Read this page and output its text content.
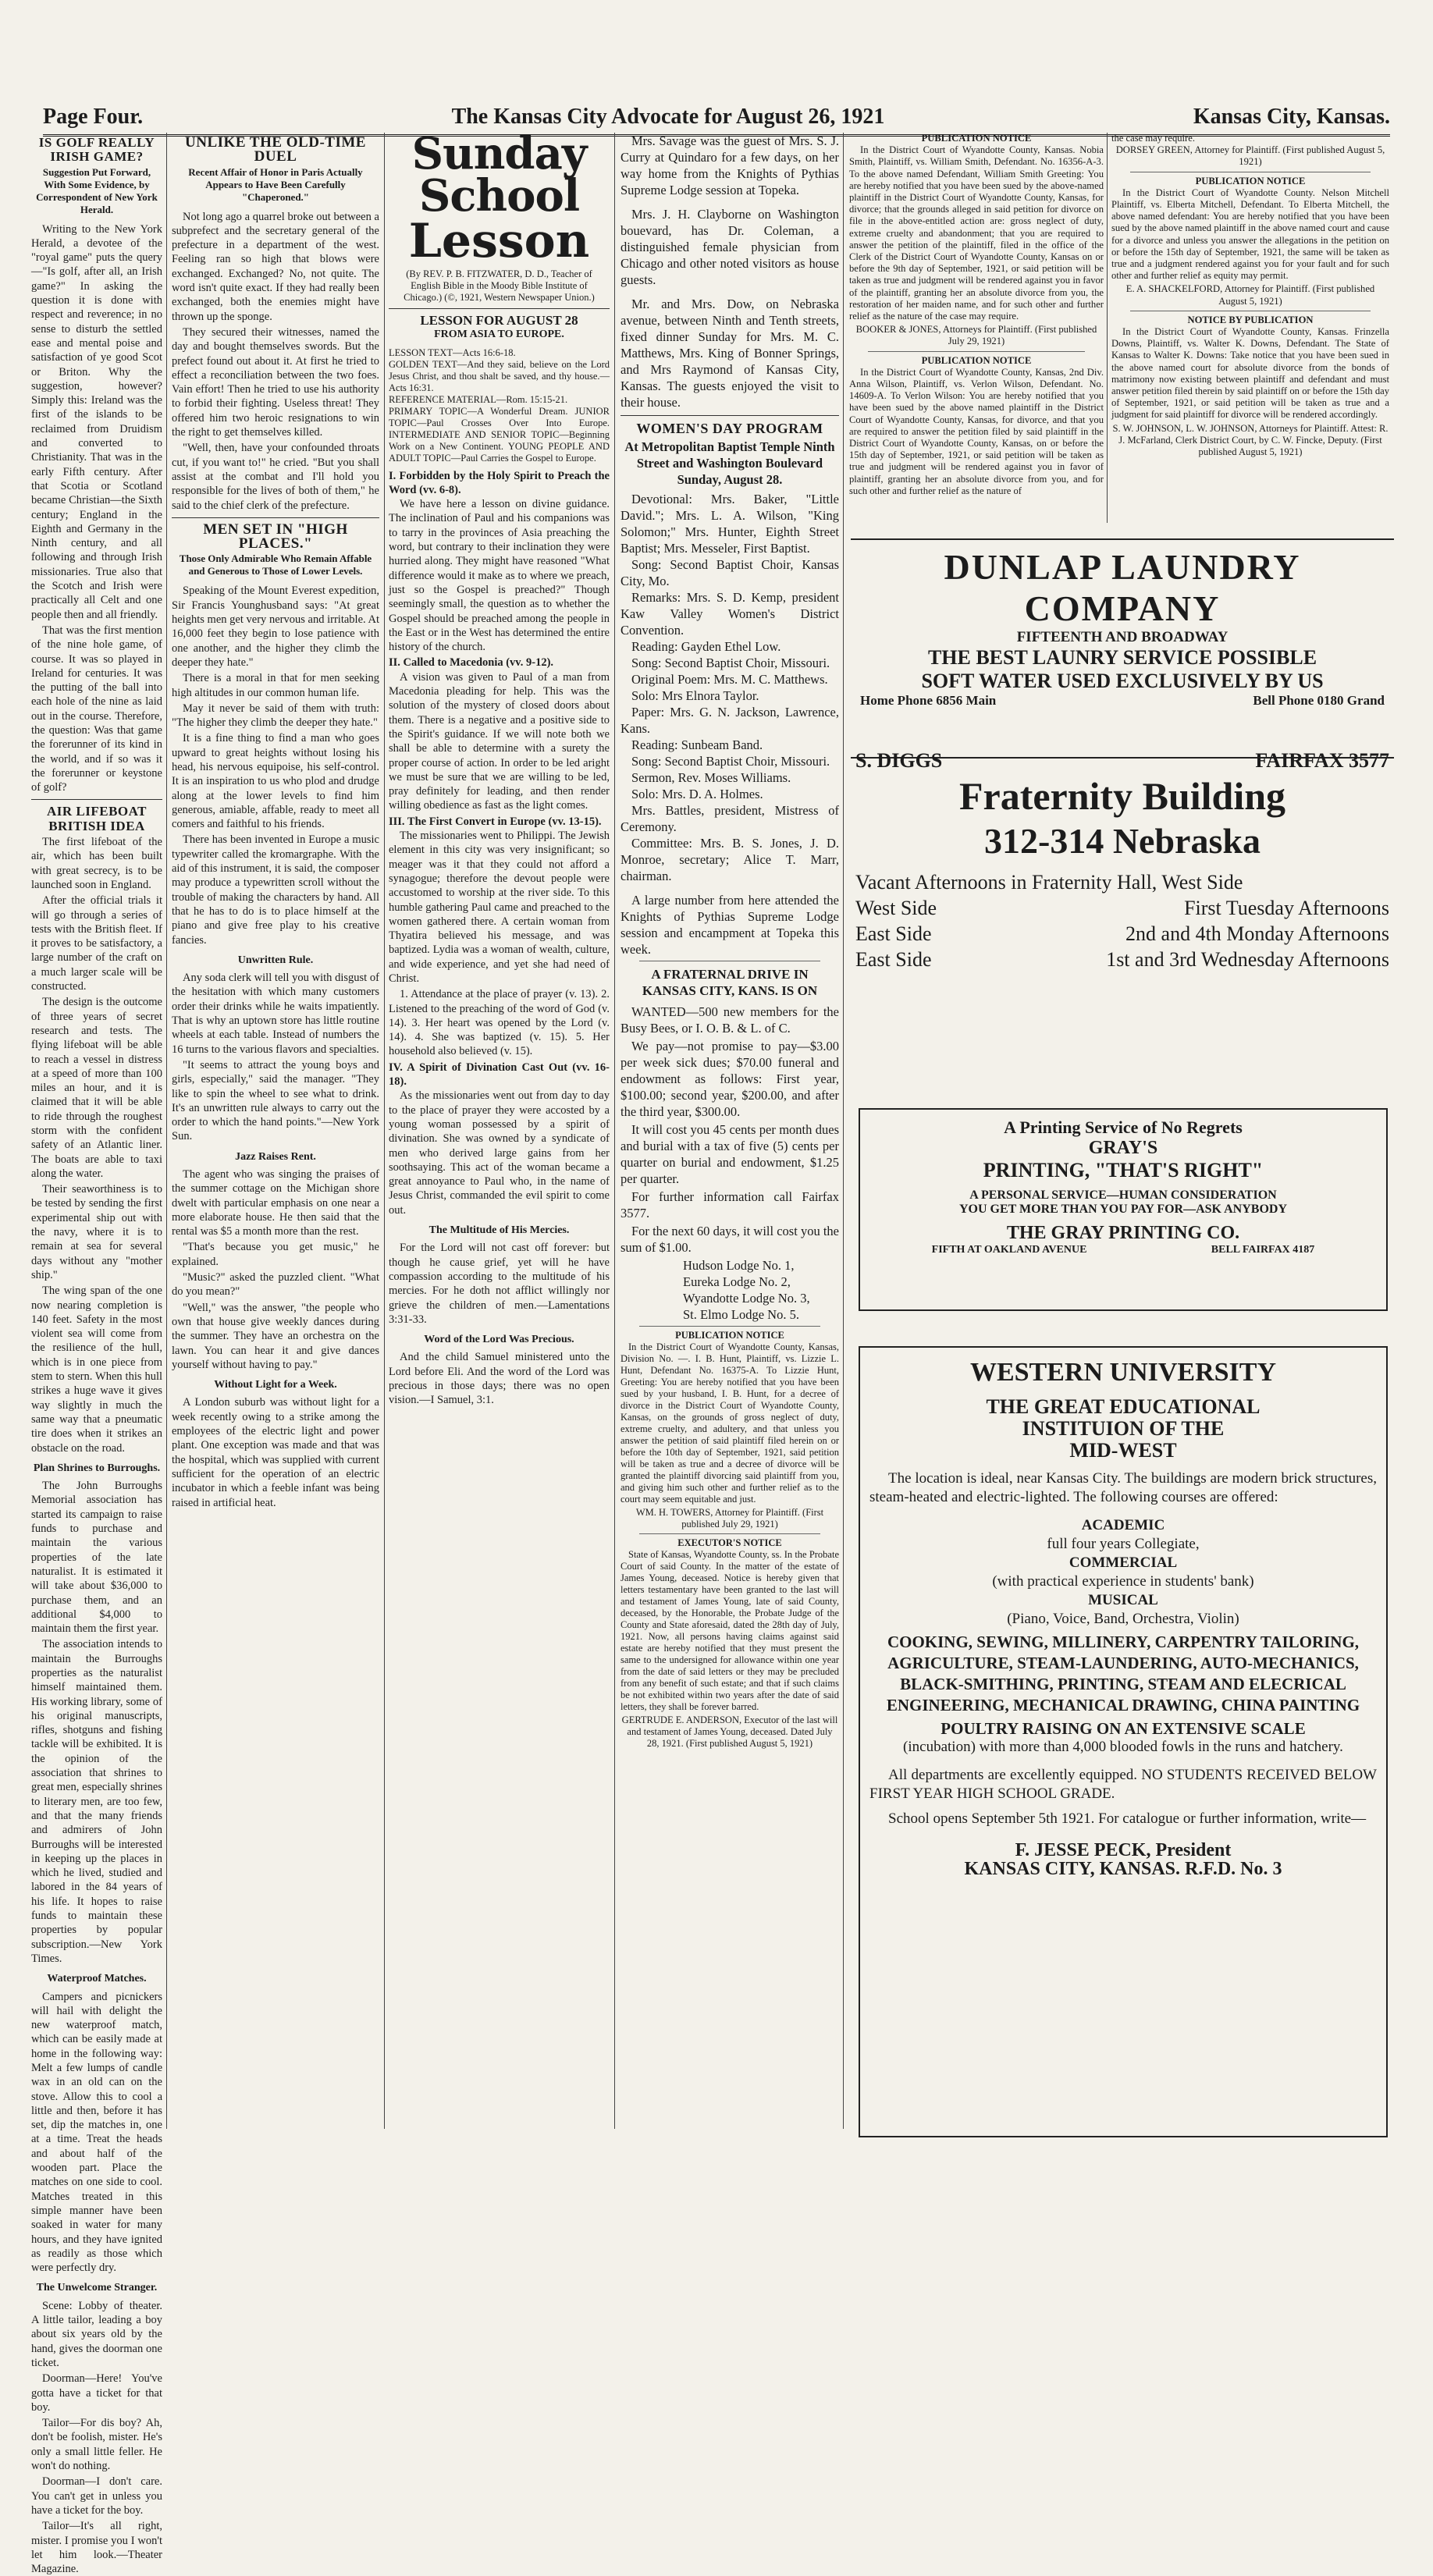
Page Four.	The Kansas City Advocate for August 26, 1921	Kansas City, Kansas.
IS GOLF REALLY IRISH GAME?
Suggestion Put Forward, With Some Evidence, by Correspondent of New York Herald.

Writing to the New York Herald, a devotee of the "royal game" puts the query—"Is golf, after all, an Irish game?" In asking the question it is done with respect and reverence; in no sense to disturb the settled ease and mental poise and satisfaction of ye good Scot or Briton. Why the suggestion, however? Simply this: Ireland was the first of the islands to be reclaimed from Druidism and converted to Christianity. That was in the early Fifth century. After that Scotia or Scotland became Christian—the Sixth century; England in the Eighth and Germany in the Ninth century, and all following and through Irish missionaries. True also that the Scotch and Irish were practically all Celt and one people then and all friendly.

That was the first mention of the nine hole game, of course. It was so played in Ireland for centuries. It was the putting of the ball into each hole of the nine as laid out in the course. Therefore, the question: Was that game the forerunner of its kind in the world, and if so was it the forerunner or keystone of golf?

AIR LIFEBOAT BRITISH IDEA

The first lifeboat of the air, which has been built with great secrecy, is to be launched soon in England.

After the official trials it will go through a series of tests with the British fleet. If it proves to be satisfactory, a large number of the craft on a much larger scale will be constructed.

The design is the outcome of three years of secret research and tests. The flying lifeboat will be able to reach a vessel in distress at a speed of more than 100 miles an hour, and it is claimed that it will be able to ride through the roughest storm with the confident safety of an Atlantic liner. The boats are able to taxi along the water.

Their seaworthiness is to be tested by sending the first experimental ship out with the navy, where it is to remain at sea for several days without any "mother ship."

The wing span of the one now nearing completion is 140 feet. Safety in the most violent sea will come from the resilience of the hull, which is in one piece from stem to stern. When this hull strikes a huge wave it gives way slightly in much the same way that a pneumatic tire does when it strikes an obstacle on the road.

Plan Shrines to Burroughs.

The John Burroughs Memorial association has started its campaign to raise funds to purchase and maintain the various properties of the late naturalist. It is estimated it will take about $36,000 to purchase them, and an additional $4,000 to maintain them the first year.

The association intends to maintain the Burroughs properties as the naturalist himself maintained them. His working library, some of his original manuscripts, rifles, shotguns and fishing tackle will be exhibited. It is the opinion of the association that shrines to great men, especially shrines to literary men, are too few, and that the many friends and admirers of John Burroughs will be interested in keeping up the places in which he lived, studied and labored in the 84 years of his life. It hopes to raise funds to maintain these properties by popular subscription.—New York Times.

Waterproof Matches.

Campers and picnickers will hail with delight the new waterproof match, which can be easily made at home in the following way: Melt a few lumps of candle wax in an old can on the stove. Allow this to cool a little and then, before it has set, dip the matches in, one at a time. Treat the heads and about half of the wooden part. Place the matches on one side to cool. Matches treated in this simple manner have been soaked in water for many hours, and they have ignited as readily as those which were perfectly dry.

The Unwelcome Stranger.

Scene: Lobby of theater. A little tailor, leading a boy about six years old by the hand, gives the doorman one ticket.

Doorman—Here! You've gotta have a ticket for that boy.

Tailor—For dis boy? Ah, don't be foolish, mister. He's only a small little feller. He won't do nothing.

Doorman—I don't care. You can't get in unless you have a ticket for the boy.

Tailor—It's all right, mister. I promise you I won't let him look.—Theater Magazine.

UNLIKE THE OLD-TIME DUEL
Recent Affair of Honor in Paris Actually Appears to Have Been Carefully "Chaperoned."

Not long ago a quarrel broke out between a subprefect and the secretary general of the prefecture in a department of the west. Feeling ran so high that blows were exchanged. Exchanged? No, not quite. The word isn't quite exact. If they had really been exchanged, both the enemies might have thrown up the sponge.

They secured their witnesses, named the day and bought themselves swords. But the prefect found out about it. At first he tried to effect a reconciliation between the two foes. Vain effort! Then he tried to use his authority to forbid their fighting. Useless threat! They offered him two heroic resignations to win the right to get themselves killed.

"Well, then, have your confounded throats cut, if you want to!" he cried. "But you shall assist at the combat and I'll hold you responsible for the lives of both of them," he said to the chief clerk of the prefecture.

MEN SET IN "HIGH PLACES."
Those Only Admirable Who Remain Affable and Generous to Those of Lower Levels.

Speaking of the Mount Everest expedition, Sir Francis Younghusband says: "At great heights men get very nervous and irritable. At 16,000 feet they begin to lose patience with one another, and the higher they climb the deeper they hate."

There is a moral in that for men seeking high altitudes in our common human life.

May it never be said of them with truth: "The higher they climb the deeper they hate."

It is a fine thing to find a man who goes upward to great heights without losing his head, his nervous equipoise, his self-control. It is an inspiration to us who plod and drudge along at the lower levels to find him generous, amiable, affable, ready to meet all comers and faithful to his friends.

There has been invented in Europe a music typewriter called the kromargraphe. With the aid of this instrument, it is said, the composer may produce a typewritten scroll without the trouble of making the characters by hand. All that he has to do is to place himself at the piano and give free play to his creative fancies.

Unwritten Rule.

Any soda clerk will tell you with disgust of the hesitation with which many customers order their drinks while he waits impatiently. That is why an uptown store has little routine wheels at each table. Instead of numbers the 16 turns to the various flavors and specialties.

"It seems to attract the young boys and girls, especially," said the manager. "They like to spin the wheel to see what to drink. It's an unwritten rule always to carry out the order to which the hand points."—New York Sun.

Jazz Raises Rent.

The agent who was singing the praises of the summer cottage on the Michigan shore dwelt with particular emphasis on one near a more elaborate house. He then said that the rental was $5 a month more than the rest.

"That's because you get music," he explained.

"Music?" asked the puzzled client. "What do you mean?"

"Well," was the answer, "the people who own that house give weekly dances during the summer. They have an orchestra on the lawn. You can hear it and give dances yourself without having to pay."

Without Light for a Week.

A London suburb was without light for a week recently owing to a strike among the employees of the electric light and power plant. One exception was made and that was the hospital, which was supplied with current sufficient for the operation of an electric incubator in which a feeble infant was being raised in artificial heat.

Sunday School
Lesson
(By REV. P. B. FITZWATER, D. D., Teacher of English Bible in the Moody Bible Institute of Chicago.) (©, 1921, Western Newspaper Union.)
LESSON FOR AUGUST 28
FROM ASIA TO EUROPE.
LESSON TEXT—Acts 16:6-18.
GOLDEN TEXT—And they said, believe on the Lord Jesus Christ, and thou shalt be saved, and thy house.—Acts 16:31.
REFERENCE MATERIAL—Rom. 15:15-21.
PRIMARY TOPIC—A Wonderful Dream. JUNIOR TOPIC—Paul Crosses Over Into Europe. INTERMEDIATE AND SENIOR TOPIC—Beginning Work on a New Continent. YOUNG PEOPLE AND ADULT TOPIC—Paul Carries the Gospel to Europe.
I. Forbidden by the Holy Spirit to Preach the Word (vv. 6-8).

We have here a lesson on divine guidance. The inclination of Paul and his companions was to tarry in the provinces of Asia preaching the word, but contrary to their inclination they were hurried along. They might have reasoned "What difference would it make as to where we preach, just so the Gospel is preached?" Though seemingly small, the question as to whether the Gospel should be preached among the people in the East or in the West has determined the entire history of the church.

II. Called to Macedonia (vv. 9-12).

A vision was given to Paul of a man from Macedonia pleading for help. This was the solution of the mystery of closed doors about them. There is a negative and a positive side to the Spirit's guidance. If we will note both we shall be able to determine with a surety the proper course of action. In order to be led aright we must be sure that we are willing to be led, pray definitely for leading, and then render willing obedience as fast as the light comes.

III. The First Convert in Europe (vv. 13-15).

The missionaries went to Philippi. The Jewish element in this city was very insignificant; so meager was it that they could not afford a synagogue; therefore the devout people were accustomed to worship at the river side. To this humble gathering Paul came and preached to the women gathered there. A certain woman from Thyatira believed his message, and was baptized. Lydia was a woman of wealth, culture, and wide experience, and yet she had need of Christ.

1. Attendance at the place of prayer (v. 13). 2. Listened to the preaching of the word of God (v. 14). 3. Her heart was opened by the Lord (v. 14). 4. She was baptized (v. 15). 5. Her household also believed (v. 15).

IV. A Spirit of Divination Cast Out (vv. 16-18).

As the missionaries went out from day to day to the place of prayer they were accosted by a young woman possessed by a spirit of divination. She was owned by a syndicate of men who derived large gains from her soothsaying. This act of the woman became a great annoyance to Paul who, in the name of Jesus Christ, commanded the evil spirit to come out.

The Multitude of His Mercies.

For the Lord will not cast off forever: but though he cause grief, yet will he have compassion according to the multitude of his mercies. For he doth not afflict willingly nor grieve the children of men.—Lamentations 3:31-33.

Word of the Lord Was Precious.

And the child Samuel ministered unto the Lord before Eli. And the word of the Lord was precious in those days; there was no open vision.—I Samuel, 3:1.

Mrs. Savage was the guest of Mrs. S. J. Curry at Quindaro for a few days, on her way home from the Knights of Pythias Supreme Lodge session at Topeka.

Mrs. J. H. Clayborne on Washington bouevard, has Dr. Coleman, a distinguished female physician from Chicago and other noted visitors as house guests.

Mr. and Mrs. Dow, on Nebraska avenue, between Ninth and Tenth streets, fixed dinner Sunday for Mrs. M. C. Matthews, Mrs. King of Bonner Springs, and Mrs Raymond of Kansas City, Kansas. The guests enjoyed the visit to their house.

WOMEN'S DAY PROGRAM
At Metropolitan Baptist Temple Ninth Street and Washington Boulevard Sunday, August 28.
Devotional: Mrs. Baker, "Little David."; Mrs. L. A. Wilson, "King Solomon;" Mrs. Hunter, Eighth Street Baptist; Mrs. Messeler, First Baptist.
Song: Second Baptist Choir, Kansas City, Mo.
Remarks: Mrs. S. D. Kemp, president Kaw Valley Women's District Convention.
Reading: Gayden Ethel Low.
Song: Second Baptist Choir, Missouri.
Original Poem: Mrs. M. C. Matthews.
Solo: Mrs Elnora Taylor.
Paper: Mrs. G. N. Jackson, Lawrence, Kans.
Reading: Sunbeam Band.
Song: Second Baptist Choir, Missouri.
Sermon, Rev. Moses Williams.
Solo: Mrs. D. A. Holmes.
Mrs. Battles, president, Mistress of Ceremony.
Committee: Mrs. B. S. Jones, J. D. Monroe, secretary; Alice T. Marr, chairman.

A large number from here attended the Knights of Pythias Supreme Lodge session and encampment at Topeka this week.

A FRATERNAL DRIVE IN KANSAS CITY, KANS. IS ON

WANTED—500 new members for the Busy Bees, or I. O. B. & L. of C.

We pay—not promise to pay—$3.00 per week sick dues; $70.00 funeral and endowment as follows: First year, $100.00; second year, $200.00, and after the third year, $300.00.

It will cost you 45 cents per month dues and burial with a tax of five (5) cents per quarter on burial and endowment, $1.25 per quarter.

For further information call Fairfax 3577.

For the next 60 days, it will cost you the sum of $1.00.

Hudson Lodge No. 1,
Eureka Lodge No. 2,
Wyandotte Lodge No. 3,
St. Elmo Lodge No. 5.
PUBLICATION NOTICE

In the District Court of Wyandotte County, Kansas, Division No. —. I. B. Hunt, Plaintiff, vs. Lizzie L. Hunt, Defendant No. 16375-A. To Lizzie Hunt, Greeting: You are hereby notified that you have been sued by your husband, I. B. Hunt, for a decree of divorce in the District Court of Wyandotte County, Kansas, on the grounds of gross neglect of duty, extreme cruelty, and adultery, and that unless you answer the petition of said plaintiff filed herein on or before the 10th day of September, 1921, said petition will be taken as true and a decree of divorce will be granted the plaintiff divorcing said plaintiff from you, and giving him such other and further relief as to the court may seem equitable and just.

WM. H. TOWERS, Attorney for Plaintiff. (First published July 29, 1921)
EXECUTOR'S NOTICE

State of Kansas, Wyandotte County, ss. In the Probate Court of said County. In the matter of the estate of James Young, deceased. Notice is hereby given that letters testamentary have been granted to the last will and testament of James Young, late of said County, deceased, by the Honorable, the Probate Judge of the County and State aforesaid, dated the 28th day of July, 1921. Now, all persons having claims against said estate are hereby notified that they must present the same to the undersigned for allowance within one year from the date of said letters or they may be precluded from any benefit of such estate; and that if such claims be not exhibited within two years after the date of said letters, they shall be forever barred.

GERTRUDE E. ANDERSON, Executor of the last will and testament of James Young, deceased. Dated July 28, 1921. (First published August 5, 1921)
PUBLICATION NOTICE

In the District Court of Wyandotte County, Kansas. Nobia Smith, Plaintiff, vs. William Smith, Defendant. No. 16356-A-3. To the above named Defendant, William Smith Greeting: You are hereby notified that you have been sued by the above-named plaintiff in the District Court of Wyandotte County, Kansas, for divorce; that the grounds alleged in said petition for divorce on file in the above-entitled action are: gross neglect of duty, extreme cruelty and abandonment; that you are required to answer the petition of the plaintiff, filed in the office of the Clerk of the District Court of Wyandotte County, Kansas on or before the 9th day of September, 1921, or said petition will be taken as true and judgment will be rendered against you in favor of the plaintiff, granting her an absolute divorce from you, the restoration of her maiden name, and for such other and further relief as the nature of the case may require.

BOOKER & JONES, Attorneys for Plaintiff. (First published July 29, 1921)
PUBLICATION NOTICE

In the District Court of Wyandotte County, Kansas, 2nd Div. Anna Wilson, Plaintiff, vs. Verlon Wilson, Defendant. No. 14609-A. To Verlon Wilson: You are hereby notified that you have been sued by the above named plaintiff in the District Court of Wyandotte County, Kansas, for divorce, and that you are required to answer the petition filed by said plaintiff in the District Court of Wyandotte County, Kansas, on or before the 15th day of September, 1921, or said petition will be taken as true and judgment will be rendered against you in favor of plaintiff, granting her an absolute divorce from you, and for such other and further relief as the nature of

the case may require.
DORSEY GREEN, Attorney for Plaintiff. (First published August 5, 1921)
PUBLICATION NOTICE

In the District Court of Wyandotte County. Nelson Mitchell Plaintiff, vs. Elberta Mitchell, Defendant. To Elberta Mitchell, the above named defendant: You are hereby notified that you have been sued by the above named plaintiff in the above named court and cause for a divorce and unless you answer the allegations in the petition on or before the 15th day of September, 1921, the same will be taken as true and a judgment rendered against you for your fault and for such other and further relief as equity may permit.

E. A. SHACKELFORD, Attorney for Plaintiff. (First published August 5, 1921)
NOTICE BY PUBLICATION

In the District Court of Wyandotte County, Kansas. Frinzella Downs, Plaintiff, vs. Walter K. Downs, Defendant. The State of Kansas to Walter K. Downs: Take notice that you have been sued in the above named court for absolute divorce from the bonds of matrimony now existing between plaintiff and defendant and must answer petition filed therein by said plaintiff on or before the 15th day of September, 1921, or said petition will be taken as true and a judgment for said plaintiff for divorce will be rendered accordingly.

S. W. JOHNSON, L. W. JOHNSON, Attorneys for Plaintiff. Attest: R. J. McFarland, Clerk District Court, by C. W. Fincke, Deputy. (First published August 5, 1921)
DUNLAP LAUNDRY
COMPANY
FIFTEENTH AND BROADWAY
THE BEST LAUNRY SERVICE POSSIBLE
SOFT WATER USED EXCLUSIVELY BY US
Home Phone 6856 Main	Bell Phone 0180 Grand
S. DIGGS	FAIRFAX 3577
Fraternity Building
312-314 Nebraska
Vacant Afternoons in Fraternity Hall, West Side
West Side	First Tuesday Afternoons
East Side	2nd and 4th Monday Afternoons
East Side	1st and 3rd Wednesday Afternoons
A Printing Service of No Regrets
GRAY'S
PRINTING, "THAT'S RIGHT"
A PERSONAL SERVICE—HUMAN CONSIDERATION
YOU GET MORE THAN YOU PAY FOR—ASK ANYBODY
THE GRAY PRINTING CO.
FIFTH AT OAKLAND AVENUE	BELL FAIRFAX 4187
WESTERN UNIVERSITY
THE GREAT EDUCATIONAL
INSTITUION OF THE
MID-WEST
The location is ideal, near Kansas City. The buildings are modern brick structures, steam-heated and electric-lighted. The following courses are offered:
ACADEMIC
full four years Collegiate,
COMMERCIAL
(with practical experience in students' bank)
MUSICAL
(Piano, Voice, Band, Orchestra, Violin)
COOKING, SEWING, MILLINERY, CARPENTRY TAILORING, AGRICULTURE, STEAM-LAUNDERING, AUTO-MECHANICS, BLACK-SMITHING, PRINTING, STEAM AND ELECRICAL ENGINEERING, MECHANICAL DRAWING, CHINA PAINTING
POULTRY RAISING ON AN EXTENSIVE SCALE
(incubation) with more than 4,000 blooded fowls in the runs and hatchery.
All departments are excellently equipped. NO STUDENTS RECEIVED BELOW FIRST YEAR HIGH SCHOOL GRADE.
School opens September 5th 1921. For catalogue or further information, write—
F. JESSE PECK, President
KANSAS CITY, KANSAS. R.F.D. No. 3
